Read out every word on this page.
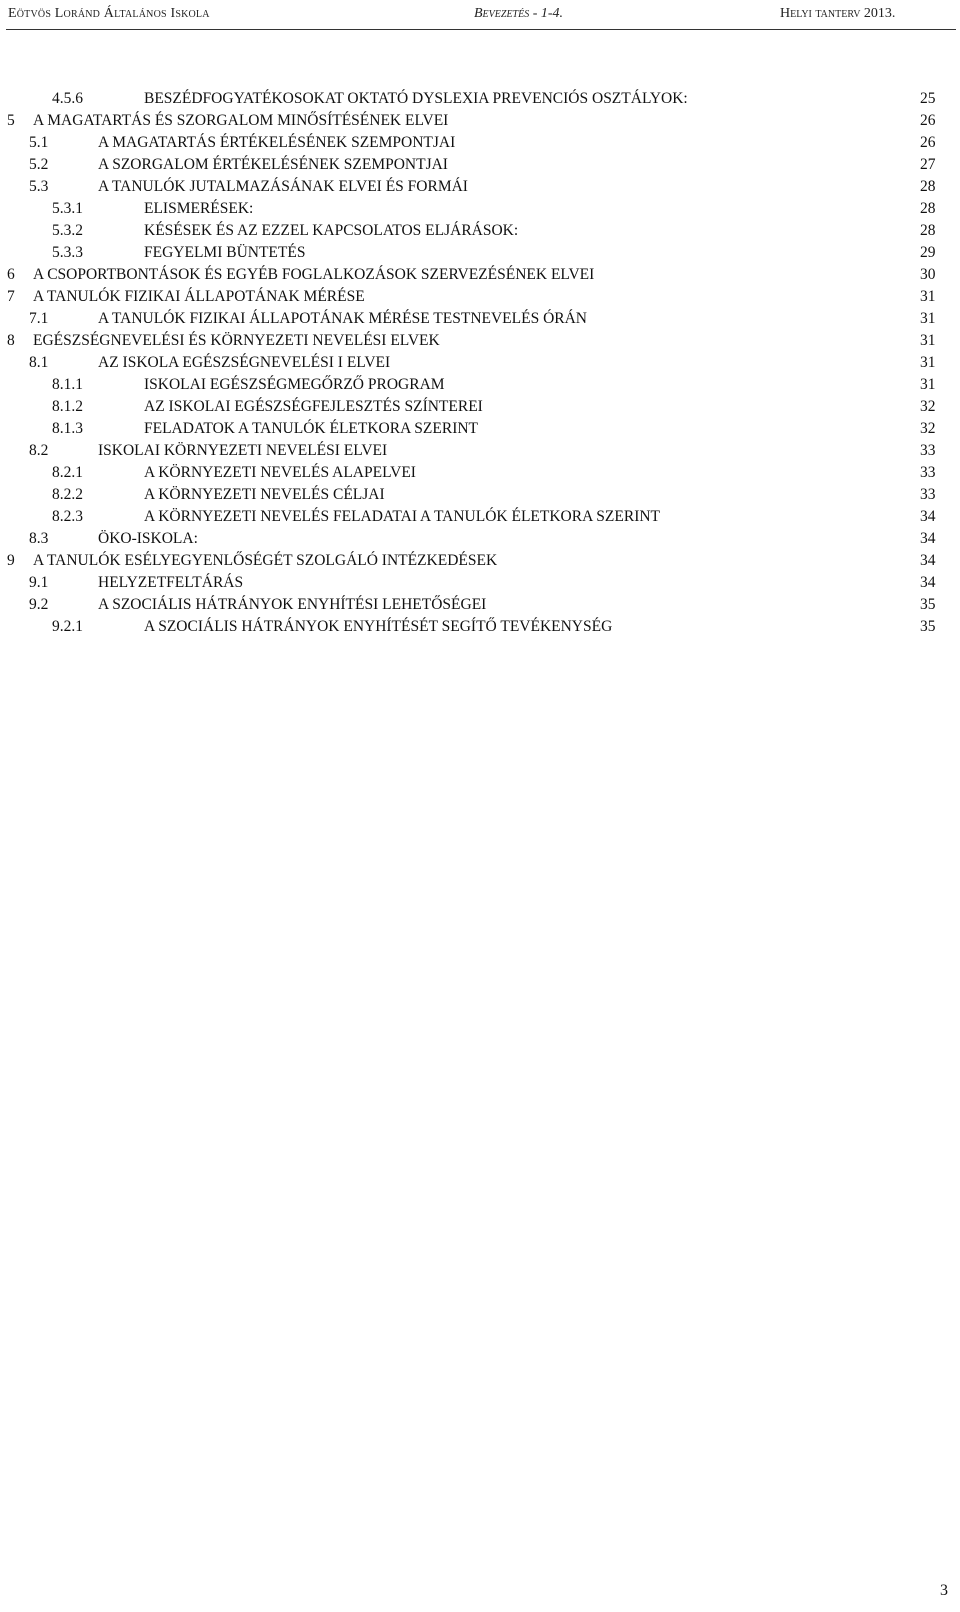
Eötvös Loránd Általános Iskola	Bevezetés - 1-4.	Helyi tanterv 2013.
4.5.6	BESZÉDFOGYATÉKOSOKAT OKTATÓ DYSLEXIA PREVENCIÓS OSZTÁLYOK:	25
5 A MAGATARTÁS ÉS SZORGALOM MINŐSÍTÉSÉNEK ELVEI	26
5.1	A MAGATARTÁS ÉRTÉKELÉSÉNEK SZEMPONTJAI	26
5.2	A SZORGALOM ÉRTÉKELÉSÉNEK SZEMPONTJAI	27
5.3	A TANULÓK JUTALMAZÁSÁNAK ELVEI ÉS FORMÁI	28
5.3.1	ELISMERÉSEK:	28
5.3.2	KÉSÉSEK ÉS AZ EZZEL KAPCSOLATOS ELJÁRÁSOK:	28
5.3.3	FEGYELMI BÜNTETÉS	29
6 A CSOPORTBONTÁSOK ÉS EGYÉB FOGLALKOZÁSOK SZERVEZÉSÉNEK ELVEI	30
7 A TANULÓK FIZIKAI ÁLLAPOTÁNAK MÉRÉSE	31
7.1	A TANULÓK FIZIKAI ÁLLAPOTÁNAK MÉRÉSE TESTNEVELÉS ÓRÁN	31
8 EGÉSZSÉGNEVELÉSI ÉS KÖRNYEZETI NEVELÉSI ELVEK	31
8.1	AZ ISKOLA EGÉSZSÉGNEVELÉSI I ELVEI	31
8.1.1	ISKOLAI EGÉSZSÉGMEGŐRZŐ PROGRAM	31
8.1.2	AZ ISKOLAI EGÉSZSÉGFEJLESZTÉS SZÍNTEREI	32
8.1.3	FELADATOK A TANULÓK ÉLETKORA SZERINT	32
8.2	ISKOLAI KÖRNYEZETI NEVELÉSI ELVEI	33
8.2.1	A KÖRNYEZETI NEVELÉS ALAPELVEI	33
8.2.2	A KÖRNYEZETI NEVELÉS CÉLJAI	33
8.2.3	A KÖRNYEZETI NEVELÉS FELADATAI A TANULÓK ÉLETKORA SZERINT	34
8.3	ÖKO-ISKOLA:	34
9 A TANULÓK ESÉLYEGYENLŐSÉGÉT SZOLGÁLÓ INTÉZKEDÉSEK	34
9.1	HELYZETFELTÁRÁS	34
9.2	A SZOCIÁLIS HÁTRÁNYOK ENYHÍTÉSI LEHETŐSÉGEI	35
9.2.1	A SZOCIÁLIS HÁTRÁNYOK ENYHÍTÉSÉT SEGÍTŐ TEVÉKENYSÉG	35
3
